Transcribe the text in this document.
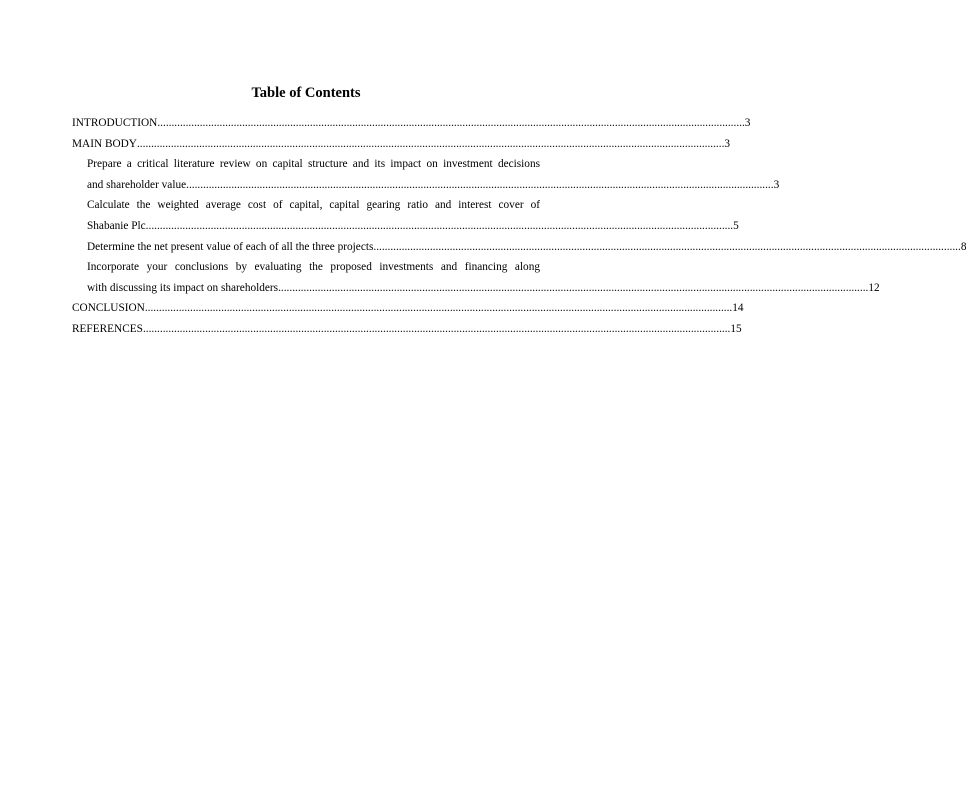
Table of Contents
INTRODUCTION ................................................................................................................................................................................................................ 3
MAIN BODY ................................................................................................................................................................................................................ 3
Prepare a critical literature review on capital structure and its impact on investment decisions
and shareholder value ................................................................................................................................................................................................................ 3
Calculate the weighted average cost of capital, capital gearing ratio and interest cover of
Shabanie Plc ................................................................................................................................................................................................................ 5
Determine the net present value of each of all the three projects ................................................................................................................................................................................................................ 8
Incorporate your conclusions by evaluating the proposed investments and financing along
with discussing its impact on shareholders. ................................................................................................................................................................................................................ 12
CONCLUSION ................................................................................................................................................................................................................ 14
REFERENCES ................................................................................................................................................................................................................ 15
